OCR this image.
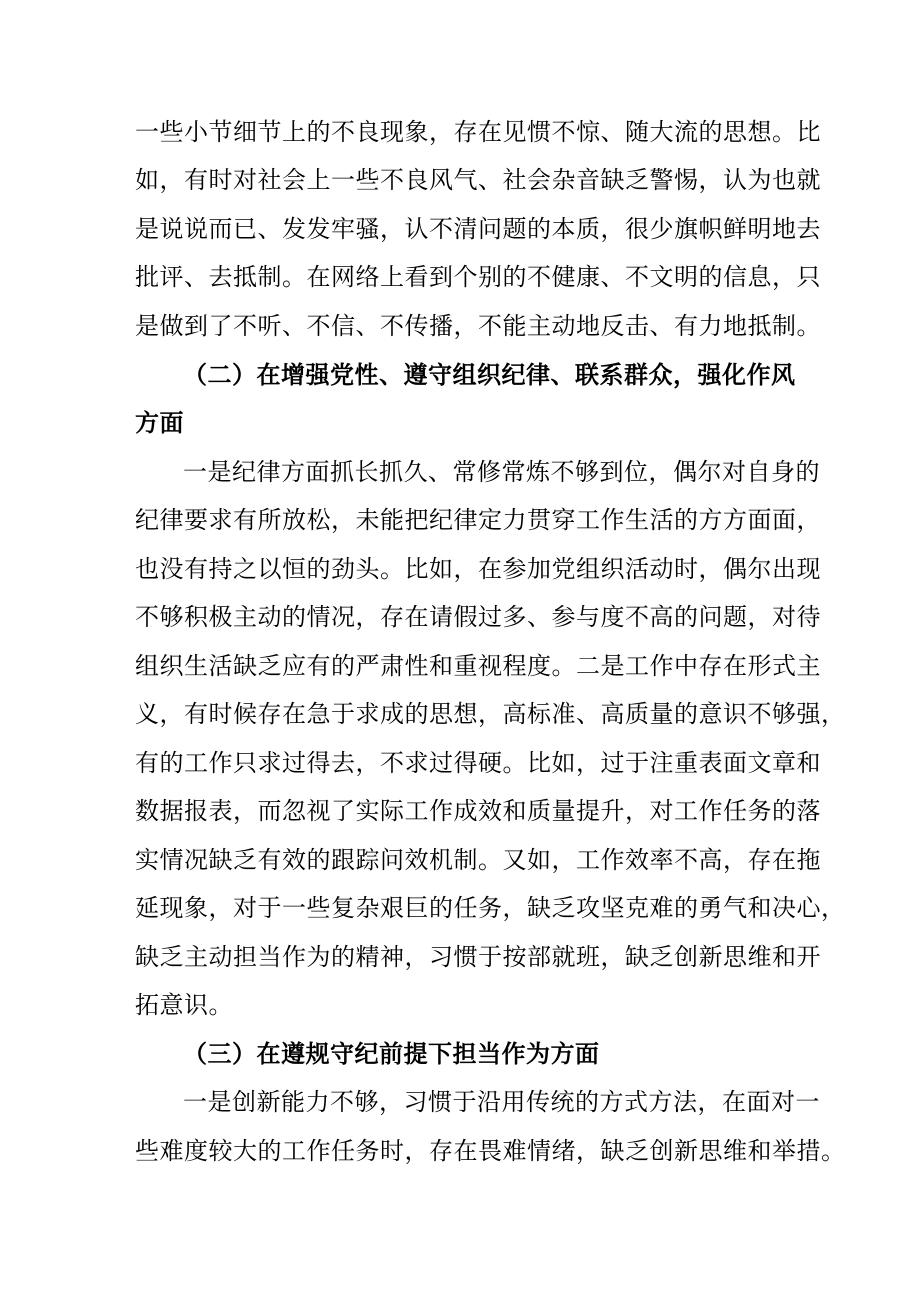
一些小节细节上的不良现象，存在见惯不惊、随大流的思想。比
如，有时对社会上一些不良风气、社会杂音缺乏警惕，认为也就
是说说而已、发发牢骚，认不清问题的本质，很少旗帜鲜明地去
批评、去抵制。在网络上看到个别的不健康、不文明的信息，只
是做到了不听、不信、不传播，不能主动地反击、有力地抵制。
（二）在增强党性、遵守组织纪律、联系群众，强化作风
方面
一是纪律方面抓长抓久、常修常炼不够到位，偶尔对自身的
纪律要求有所放松，未能把纪律定力贯穿工作生活的方方面面，
也没有持之以恒的劲头。比如，在参加党组织活动时，偶尔出现
不够积极主动的情况，存在请假过多、参与度不高的问题，对待
组织生活缺乏应有的严肃性和重视程度。二是工作中存在形式主
义，有时候存在急于求成的思想，高标准、高质量的意识不够强，
有的工作只求过得去，不求过得硬。比如，过于注重表面文章和
数据报表，而忽视了实际工作成效和质量提升，对工作任务的落
实情况缺乏有效的跟踪问效机制。又如，工作效率不高，存在拖
延现象，对于一些复杂艰巨的任务，缺乏攻坚克难的勇气和决心，
缺乏主动担当作为的精神，习惯于按部就班，缺乏创新思维和开
拓意识。
（三）在遵规守纪前提下担当作为方面
一是创新能力不够，习惯于沿用传统的方式方法，在面对一
些难度较大的工作任务时，存在畏难情绪，缺乏创新思维和举措。
